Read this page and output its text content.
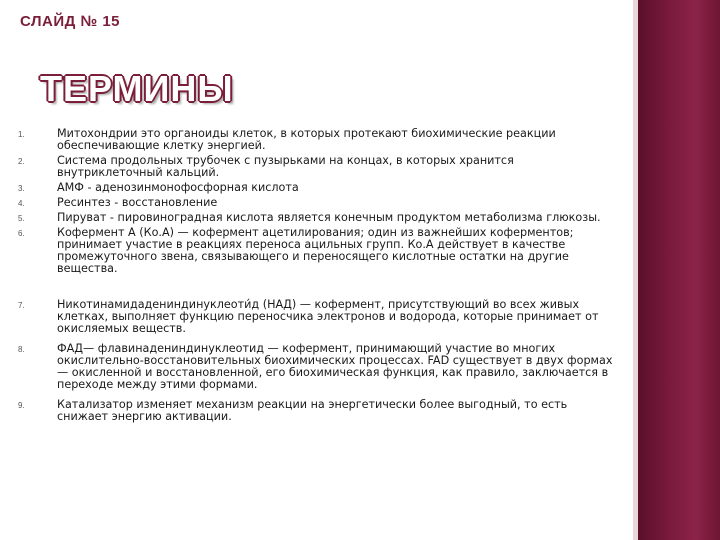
СЛАЙД № 15
ТЕРМИНЫ
1.	Митохондрии это органоиды клеток, в которых протекают биохимические реакции обеспечивающие клетку энергией.
2.	Система продольных трубочек с пузырьками на концах, в которых хранится внутриклеточный кальций.
3.	АМФ - аденозинмонофосфорная кислота
4.	Ресинтез - восстановление
5.	Пируват - пировиноградная кислота является конечным продуктом метаболизма глюкозы.
6.	Кофермент А (Ко.А) — кофермент ацетилирования; один из важнейших коферментов; принимает участие в реакциях переноса ацильных групп. Ко.А действует в качестве промежуточного звена, связывающего и переносящего кислотные остатки на другие вещества.
7.	Никотинамидадениндинуклеоти́д (НАД) — кофермент, присутствующий во всех живых клетках, выполняет функцию переносчика электронов и водорода, которые принимает от окисляемых веществ.
8.	ФАД— флавинадениндинуклеотид — кофермент, принимающий участие во многих окислительно-восстановительных биохимических процессах. FAD существует в двух формах — окисленной и восстановленной, его биохимическая функция, как правило, заключается в переходе между этими формами.
9.	Катализатор изменяет механизм реакции на энергетически более выгодный, то есть снижает энергию активации.
